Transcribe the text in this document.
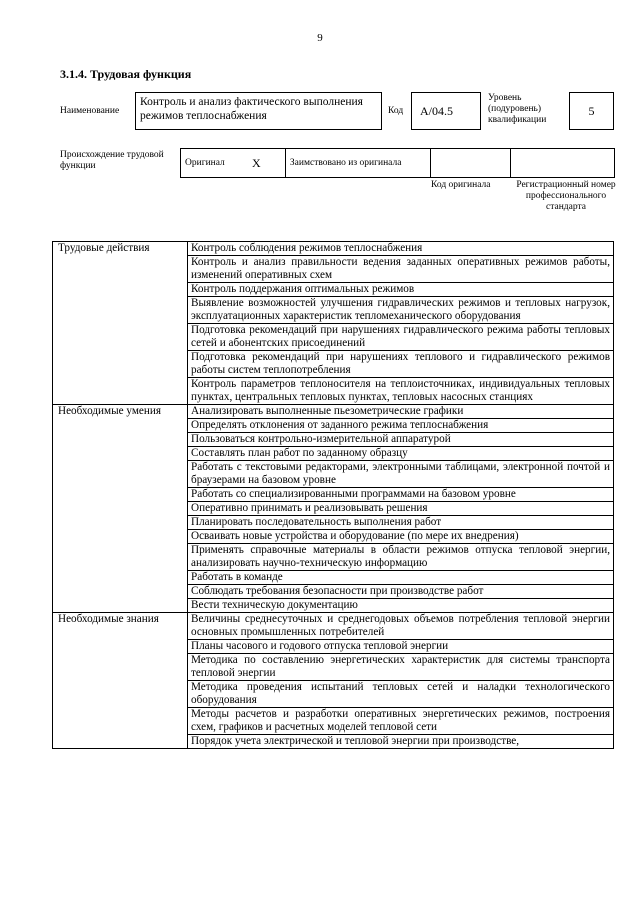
9
3.1.4. Трудовая функция
Наименование
Контроль и анализ фактического выполнения режимов теплоснабжения	Код	А/04.5
Уровень (подуровень) квалификации
5
Происхождение трудовой функции	Оригинал	X	Заимствовано из оригинала		
Код оригинала	Регистрационный номер профессионального стандарта
Трудовые действия	Контроль соблюдения режимов теплоснабжения
	Контроль и анализ правильности ведения заданных оперативных режимов работы, изменений оперативных схем
	Контроль поддержания оптимальных режимов
	Выявление возможностей улучшения гидравлических режимов и тепловых нагрузок, эксплуатационных характеристик тепломеханического оборудования
	Подготовка рекомендаций при нарушениях гидравлического режима работы тепловых сетей и абонентских присоединений
	Подготовка рекомендаций при нарушениях теплового и гидравлического режимов работы систем теплопотребления
	Контроль параметров теплоносителя на теплоисточниках, индивидуальных тепловых пунктах, центральных тепловых пунктах, тепловых насосных станциях
Необходимые умения	Анализировать выполненные пьезометрические графики
	Определять отклонения от заданного режима теплоснабжения
	Пользоваться контрольно-измерительной аппаратурой
	Составлять план работ по заданному образцу
	Работать с текстовыми редакторами, электронными таблицами, электронной почтой и браузерами на базовом уровне
	Работать со специализированными программами на базовом уровне
	Оперативно принимать и реализовывать решения
	Планировать последовательность выполнения работ
	Осваивать новые устройства и оборудование (по мере их внедрения)
	Применять справочные материалы в области режимов отпуска тепловой энергии, анализировать научно-техническую информацию
	Работать в команде
	Соблюдать требования безопасности при производстве работ
	Вести техническую документацию
Необходимые знания	Величины среднесуточных и среднегодовых объемов потребления тепловой энергии основных промышленных потребителей
	Планы часового и годового отпуска тепловой энергии
	Методика по составлению энергетических характеристик для системы транспорта тепловой энергии
	Методика проведения испытаний тепловых сетей и наладки технологического оборудования
	Методы расчетов и разработки оперативных энергетических режимов, построения схем, графиков и расчетных моделей тепловой сети
	Порядок учета электрической и тепловой энергии при производстве,
